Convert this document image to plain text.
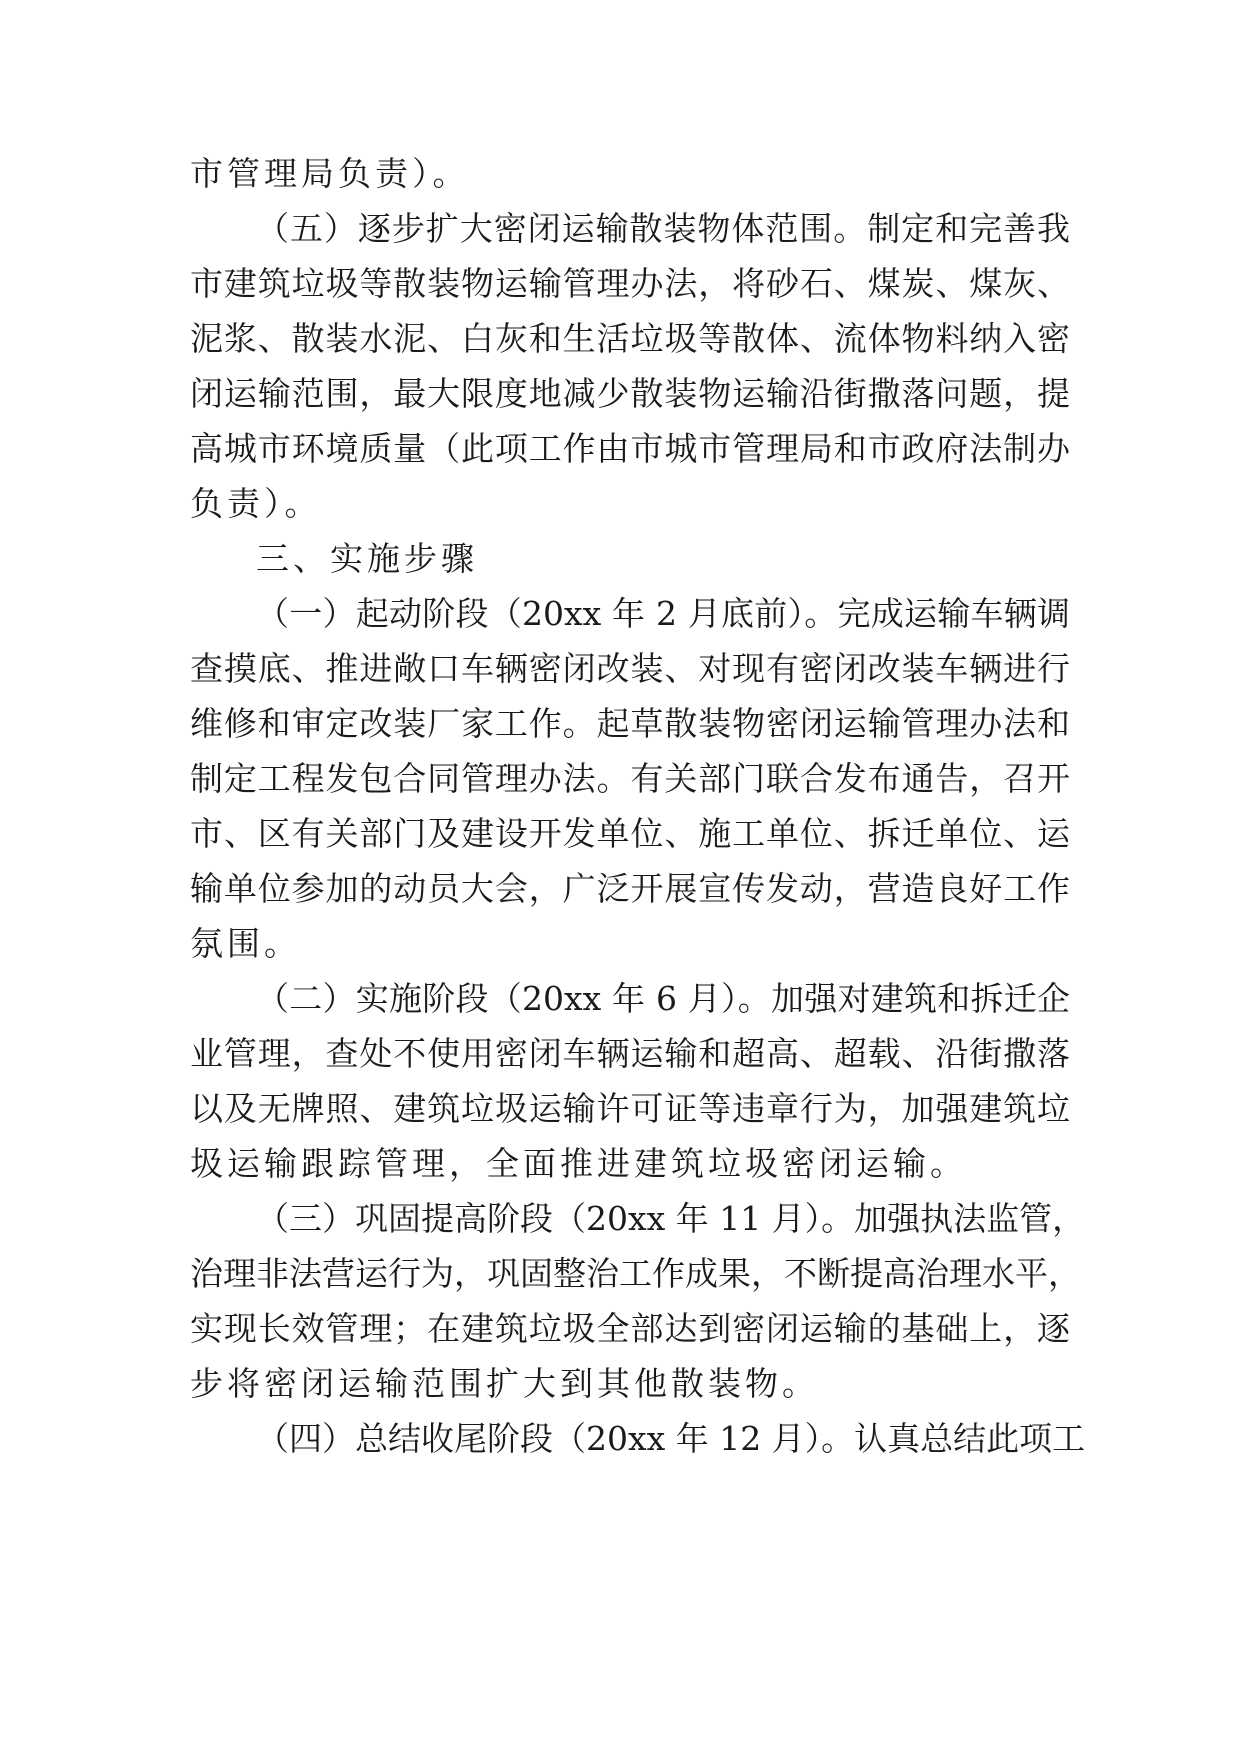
市管理局负责）。
（五）逐步扩大密闭运输散装物体范围。制定和完善我
市建筑垃圾等散装物运输管理办法，将砂石、煤炭、煤灰、
泥浆、散装水泥、白灰和生活垃圾等散体、流体物料纳入密
闭运输范围，最大限度地减少散装物运输沿街撒落问题，提
高城市环境质量（此项工作由市城市管理局和市政府法制办
负责）。
三、实施步骤
（一）起动阶段（20xx 年 2 月底前）。完成运输车辆调
查摸底、推进敞口车辆密闭改装、对现有密闭改装车辆进行
维修和审定改装厂家工作。起草散装物密闭运输管理办法和
制定工程发包合同管理办法。有关部门联合发布通告，召开
市、区有关部门及建设开发单位、施工单位、拆迁单位、运
输单位参加的动员大会，广泛开展宣传发动，营造良好工作
氛围。
（二）实施阶段（20xx 年 6 月）。加强对建筑和拆迁企
业管理，查处不使用密闭车辆运输和超高、超载、沿街撒落
以及无牌照、建筑垃圾运输许可证等违章行为，加强建筑垃
圾运输跟踪管理，全面推进建筑垃圾密闭运输。
（三）巩固提高阶段（20xx 年 11 月）。加强执法监管，
治理非法营运行为，巩固整治工作成果，不断提高治理水平，
实现长效管理；在建筑垃圾全部达到密闭运输的基础上，逐
步将密闭运输范围扩大到其他散装物。
（四）总结收尾阶段（20xx 年 12 月）。认真总结此项工
